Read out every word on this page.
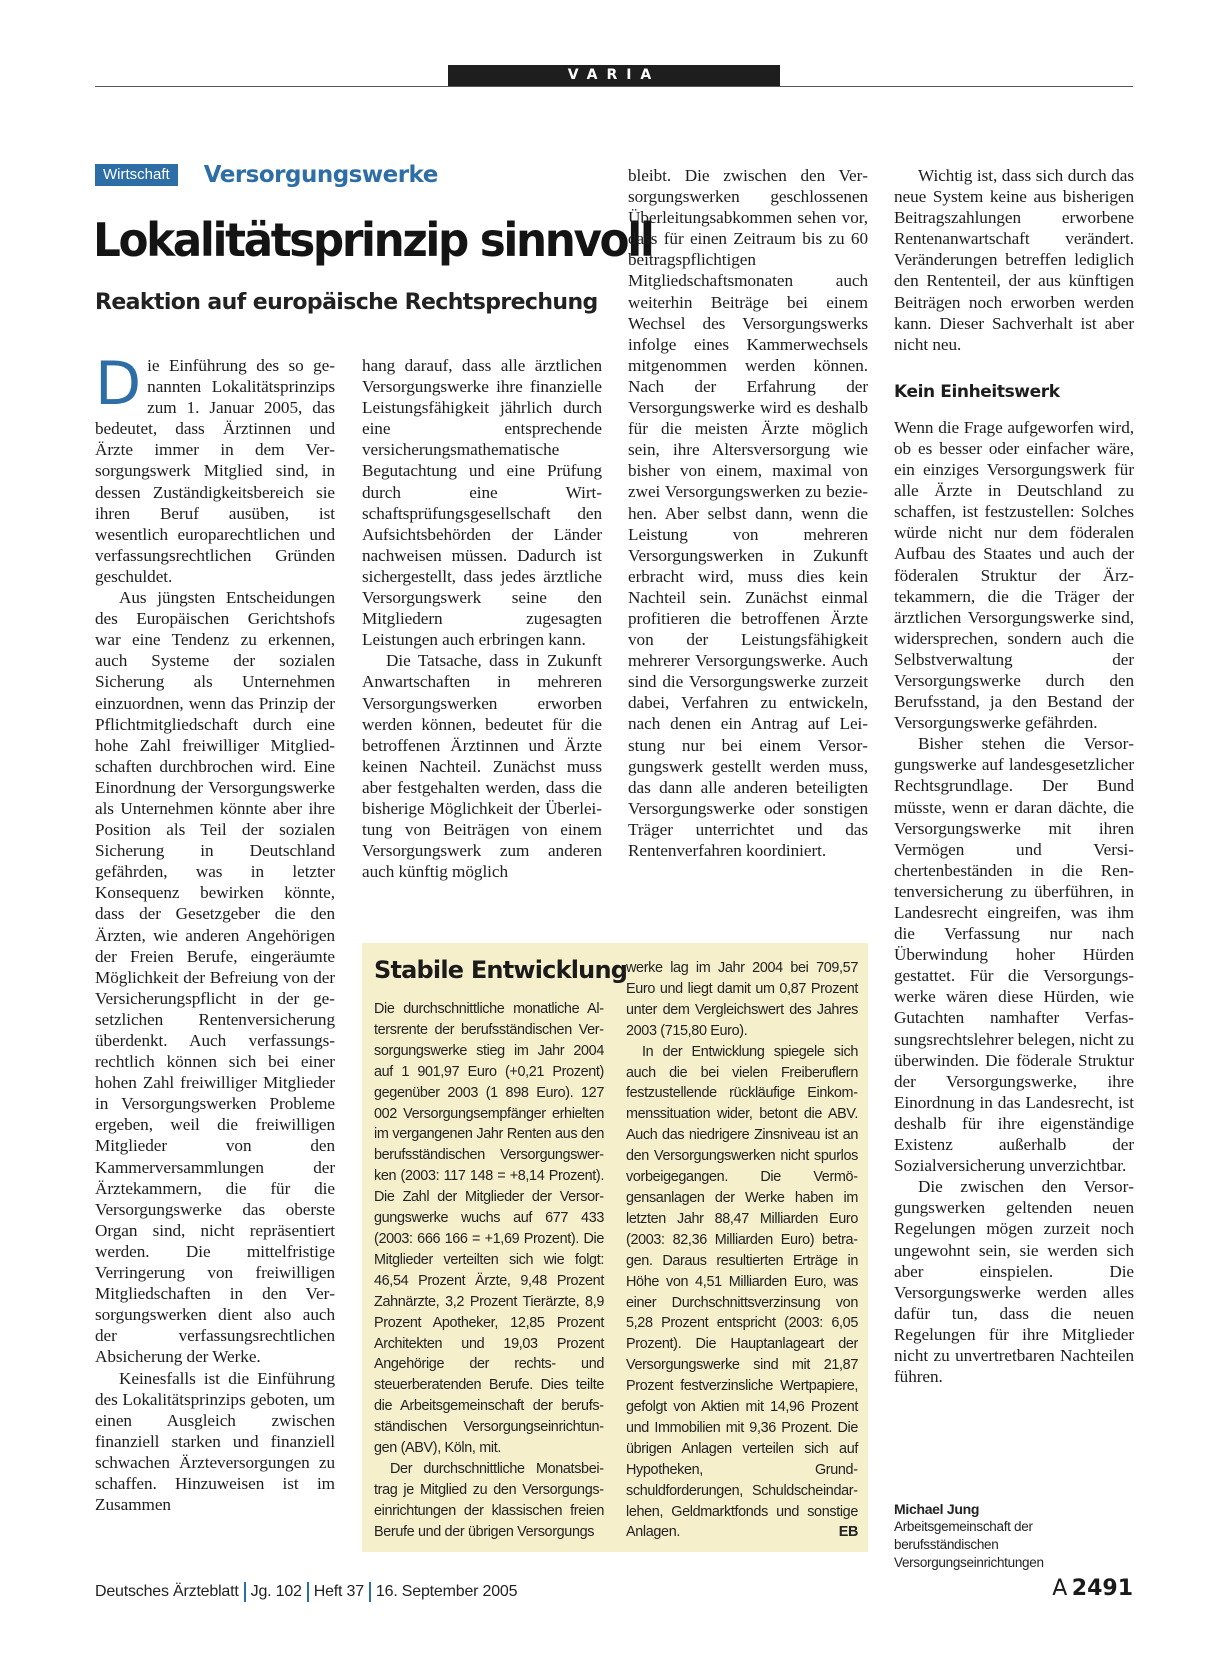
VARIA
Wirtschaft Versorgungswerke
Lokalitätsprinzip sinnvoll
Reaktion auf europäische Rechtsprechung

Die Einführung des so genannten Lokalitätsprinzips zum 1. Januar 2005, das bedeutet, dass Ärztinnen und Ärzte immer in dem Versorgungswerk Mitglied sind, in dessen Zuständigkeitsbereich sie ihren Beruf ausüben, ist wesentlich europarechtlichen und verfassungsrechtlichen Gründen geschuldet.

Aus jüngsten Entscheidungen des Europäischen Gerichtshofs war eine Tendenz zu erkennen, auch Systeme der sozialen Sicherung als Unternehmen einzuordnen, wenn das Prinzip der Pflichtmitgliedschaft durch eine hohe Zahl freiwilliger Mitgliedschaften durchbrochen wird. Eine Einordnung der Versorgungswerke als Unternehmen könnte aber ihre Position als Teil der sozialen Sicherung in Deutschland gefährden, was in letzter Konsequenz bewirken könnte, dass der Gesetzgeber die den Ärzten, wie anderen Angehörigen der Freien Berufe, eingeräumte Möglichkeit der Befreiung von der Versicherungspflicht in der gesetzlichen Rentenversicherung überdenkt. Auch verfassungsrechtlich können sich bei einer hohen Zahl freiwilliger Mitglieder in Versorgungswerken Probleme ergeben, weil die freiwilligen Mitglieder von den Kammerversammlungen der Ärztekammern, die für die Versorgungswerke das oberste Organ sind, nicht repräsentiert werden. Die mittelfristige Verringerung von freiwilligen Mitgliedschaften in den Versorgungswerken dient also auch der verfassungsrechtlichen Absicherung der Werke.

Keinesfalls ist die Einführung des Lokalitätsprinzips geboten, um einen Ausgleich zwischen finanziell starken und finanziell schwachen Ärzteversorgungen zu schaffen. Hinzuweisen ist im Zusammen

hang darauf, dass alle ärztlichen Versorgungswerke ihre finanzielle Leistungsfähigkeit jährlich durch eine entsprechende versicherungsmathematische Begutachtung und eine Prüfung durch eine Wirtschaftsprüfungsgesellschaft den Aufsichtsbehörden der Länder nachweisen müssen. Dadurch ist sichergestellt, dass jedes ärztliche Versorgungswerk seine den Mitgliedern zugesagten Leistungen auch erbringen kann.

Die Tatsache, dass in Zukunft Anwartschaften in mehreren Versorgungswerken erworben werden können, bedeutet für die betroffenen Ärztinnen und Ärzte keinen Nachteil. Zunächst muss aber festgehalten werden, dass die bisherige Möglichkeit der Überleitung von Beiträgen von einem Versorgungswerk zum anderen auch künftig möglich

bleibt. Die zwischen den Versorgungswerken geschlossenen Überleitungsabkommen sehen vor, dass für einen Zeitraum bis zu 60 beitragspflichtigen Mitgliedschaftsmonaten auch weiterhin Beiträge bei einem Wechsel des Versorgungswerks infolge eines Kammerwechsels mitgenommen werden können. Nach der Erfahrung der Versorgungswerke wird es deshalb für die meisten Ärzte möglich sein, ihre Altersversorgung wie bisher von einem, maximal von zwei Versorgungswerken zu beziehen. Aber selbst dann, wenn die Leistung von mehreren Versorgungswerken in Zukunft erbracht wird, muss dies kein Nachteil sein. Zunächst einmal profitieren die betroffenen Ärzte von der Leistungsfähigkeit mehrerer Versorgungswerke. Auch sind die Versorgungswerke zurzeit dabei, Verfahren zu entwickeln, nach denen ein Antrag auf Leistung nur bei einem Versorgungswerk gestellt werden muss, das dann alle anderen beteiligten Versorgungswerke oder sonstigen Träger unterrichtet und das Rentenverfahren koordiniert.

Wichtig ist, dass sich durch das neue System keine aus bisherigen Beitragszahlungen erworbene Rentenanwartschaft verändert. Veränderungen betreffen lediglich den Rententeil, der aus künftigen Beiträgen noch erworben werden kann. Dieser Sachverhalt ist aber nicht neu.

Kein Einheitswerk

Wenn die Frage aufgeworfen wird, ob es besser oder einfacher wäre, ein einziges Versorgungswerk für alle Ärzte in Deutschland zu schaffen, ist festzustellen: Solches würde nicht nur dem föderalen Aufbau des Staates und auch der föderalen Struktur der Ärztekammern, die die Träger der ärztlichen Versorgungswerke sind, widersprechen, sondern auch die Selbstverwaltung der Versorgungswerke durch den Berufsstand, ja den Bestand der Versorgungswerke gefährden.

Bisher stehen die Versorgungswerke auf landesgesetzlicher Rechtsgrundlage. Der Bund müsste, wenn er daran dächte, die Versorgungswerke mit ihren Vermögen und Versichertenbeständen in die Rentenversicherung zu überführen, in Landesrecht eingreifen, was ihm die Verfassung nur nach Überwindung hoher Hürden gestattet. Für die Versorgungswerke wären diese Hürden, wie Gutachten namhafter Verfassungsrechtslehrer belegen, nicht zu überwinden. Die föderale Struktur der Versorgungswerke, ihre Einordnung in das Landesrecht, ist deshalb für ihre eigenständige Existenz außerhalb der Sozialversicherung unverzichtbar.

Die zwischen den Versorgungswerken geltenden neuen Regelungen mögen zurzeit noch ungewohnt sein, sie werden sich aber einspielen. Die Versorgungswerke werden alles dafür tun, dass die neuen Regelungen für ihre Mitglieder nicht zu unvertretbaren Nachteilen führen.

Stabile Entwicklung

Die durchschnittliche monatliche Altersrente der berufsständischen Versorgungswerke stieg im Jahr 2004 auf 1 901,97 Euro (+0,21 Prozent) gegenüber 2003 (1 898 Euro). 127 002 Versorgungsempfänger erhielten im vergangenen Jahr Renten aus den berufsständischen Versorgungswerken (2003: 117 148 = +8,14 Prozent). Die Zahl der Mitglieder der Versorgungswerke wuchs auf 677 433 (2003: 666 166 = +1,69 Prozent). Die Mitglieder verteilten sich wie folgt: 46,54 Prozent Ärzte, 9,48 Prozent Zahnärzte, 3,2 Prozent Tierärzte, 8,9 Prozent Apotheker, 12,85 Prozent Architekten und 19,03 Prozent Angehörige der rechts- und steuerberatenden Berufe. Dies teilte die Arbeitsgemeinschaft der berufsständischen Versorgungseinrichtungen (ABV), Köln, mit.

Der durchschnittliche Monatsbeitrag je Mitglied zu den Versorgungseinrichtungen der klassischen freien Berufe und der übrigen Versorgungs

werke lag im Jahr 2004 bei 709,57 Euro und liegt damit um 0,87 Prozent unter dem Vergleichswert des Jahres 2003 (715,80 Euro).

In der Entwicklung spiegele sich auch die bei vielen Freiberuflern festzustellende rückläufige Einkommenssituation wider, betont die ABV. Auch das niedrigere Zinsniveau ist an den Versorgungswerken nicht spurlos vorbeigegangen. Die Vermögensanlagen der Werke haben im letzten Jahr 88,47 Milliarden Euro (2003: 82,36 Milliarden Euro) betragen. Daraus resultierten Erträge in Höhe von 4,51 Milliarden Euro, was einer Durchschnittsverzinsung von 5,28 Prozent entspricht (2003: 6,05 Prozent). Die Hauptanlageart der Versorgungswerke sind mit 21,87 Prozent festverzinsliche Wertpapiere, gefolgt von Aktien mit 14,96 Prozent und Immobilien mit 9,36 Prozent. Die übrigen Anlagen verteilen sich auf Hypotheken, Grundschuldforderungen, Schuldscheindarlehen, Geldmarktfonds und sonstige Anlagen.	EB

Michael Jung
Arbeitsgemeinschaft der berufsständischen Versorgungseinrichtungen
Deutsches Ärzteblatt Jg. 102 Heft 37 16. September 2005	A  2491
